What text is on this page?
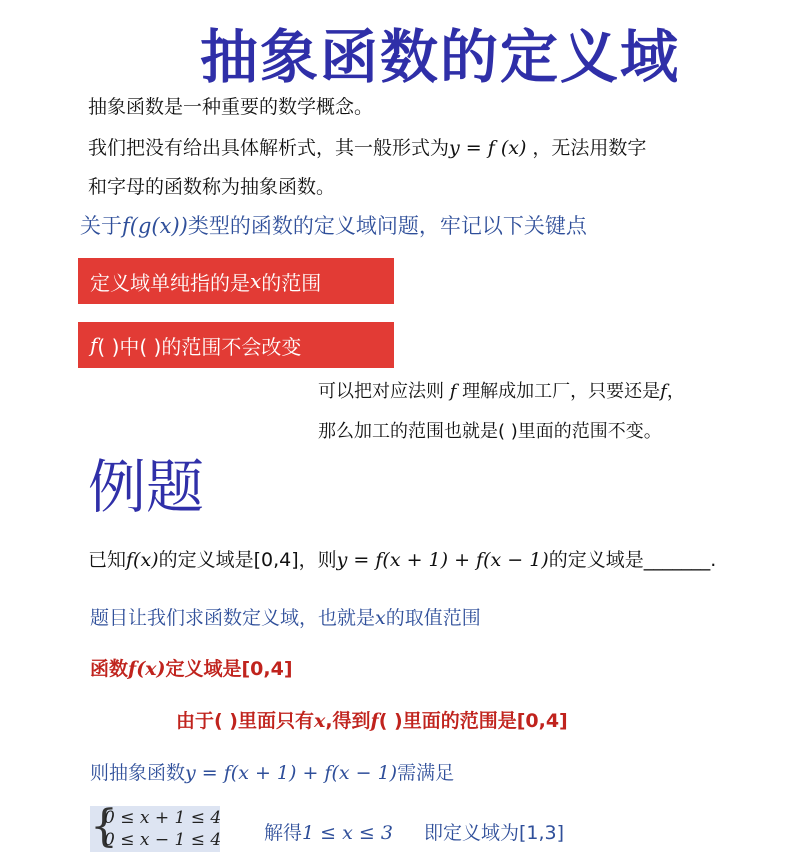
抽象函数的定义域
抽象函数是一种重要的数学概念。
我们把没有给出具体解析式，其一般形式为y = f (x) ，无法用数字
和字母的函数称为抽象函数。
关于f(g(x))类型的函数的定义域问题，牢记以下关键点
定义域单纯指的是 x 的范围
f ( )中( )的范围不会改变
可以把对应法则 f 理解成加工厂，只要还是f，
那么加工的范围也就是( )里面的范围不变。
例题
已知f(x)的定义域是[0,4]，则y = f(x + 1) + f(x − 1)的定义域是_______.
题目让我们求函数定义域，也就是x的取值范围
函数f(x)定义域是[0,4]
由于( )里面只有x,得到f( )里面的范围是[0,4]
则抽象函数y = f(x + 1) + f(x − 1)需满足
{
0 ≤ x + 1 ≤ 4
0 ≤ x − 1 ≤ 4 解得1 ≤ x ≤ 3 即定义域为[1,3]
